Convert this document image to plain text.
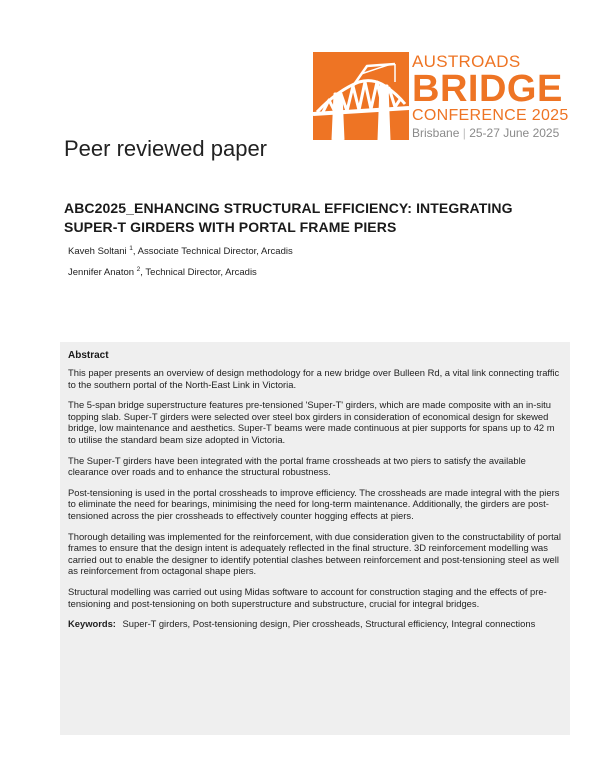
AUSTROADS
BRIDGE
CONFERENCE 2025
Brisbane | 25-27 June 2025
Peer reviewed paper
ABC2025_ENHANCING STRUCTURAL EFFICIENCY: INTEGRATING SUPER-T GIRDERS WITH PORTAL FRAME PIERS
Kaveh Soltani $^1$, Associate Technical Director, Arcadis
Jennifer Anaton $^2$, Technical Director, Arcadis
Abstract

This paper presents an overview of design methodology for a new bridge over Bulleen Rd, a vital link connecting traffic to the southern portal of the North-East Link in Victoria.

The 5-span bridge superstructure features pre-tensioned 'Super-T' girders, which are made composite with an in-situ topping slab. Super-T girders were selected over steel box girders in consideration of economical design for skewed bridge, low maintenance and aesthetics. Super-T beams were made continuous at pier supports for spans up to 42 m to utilise the standard beam size adopted in Victoria.

The Super-T girders have been integrated with the portal frame crossheads at two piers to satisfy the available clearance over roads and to enhance the structural robustness.

Post-tensioning is used in the portal crossheads to improve efficiency. The crossheads are made integral with the piers to eliminate the need for bearings, minimising the need for long-term maintenance. Additionally, the girders are post-tensioned across the pier crossheads to effectively counter hogging effects at piers.

Thorough detailing was implemented for the reinforcement, with due consideration given to the constructability of portal frames to ensure that the design intent is adequately reflected in the final structure. 3D reinforcement modelling was carried out to enable the designer to identify potential clashes between reinforcement and post-tensioning steel as well as reinforcement from octagonal shape piers.

Structural modelling was carried out using Midas software to account for construction staging and the effects of pre-tensioning and post-tensioning on both superstructure and substructure, crucial for integral bridges.

Keywords: Super-T girders, Post-tensioning design, Pier crossheads, Structural efficiency, Integral connections
